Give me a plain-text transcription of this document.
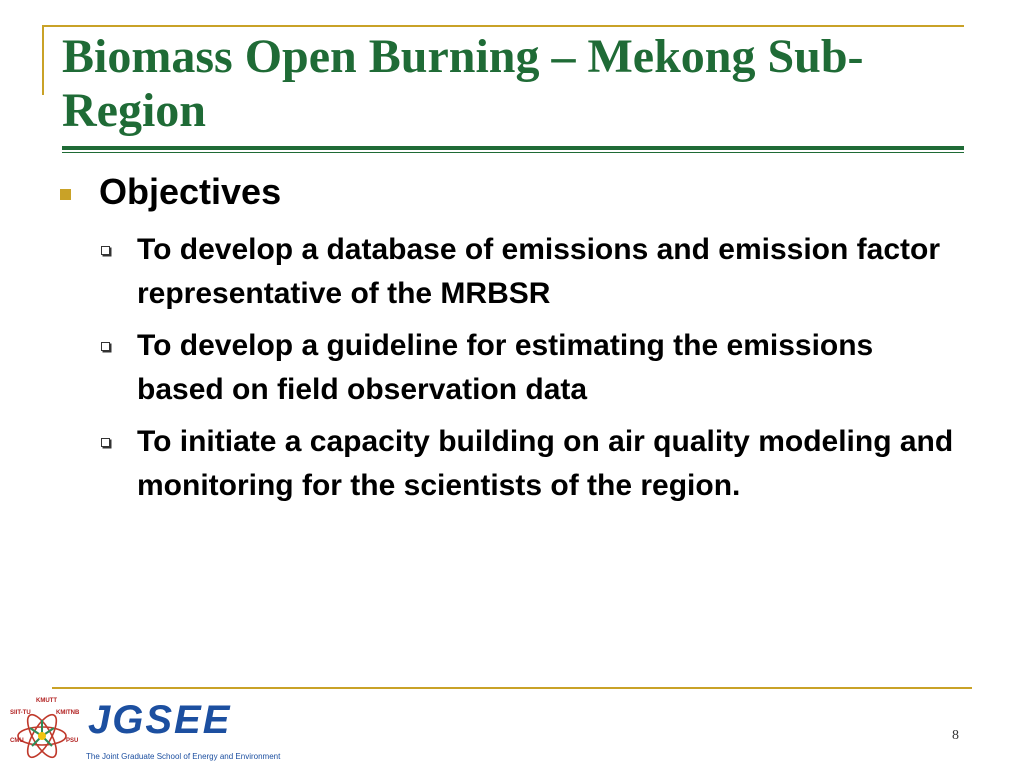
Biomass Open Burning – Mekong Sub-Region
Objectives
To develop a database of emissions and emission factor representative of the MRBSR
To develop a guideline for estimating the emissions based on field observation data
To initiate a capacity building on air quality modeling and monitoring for the scientists of the region.
KMUTT
SIIT-TU	KMITNB
CMU	PSU JGSEE
The Joint Graduate School of Energy and Environment
8
